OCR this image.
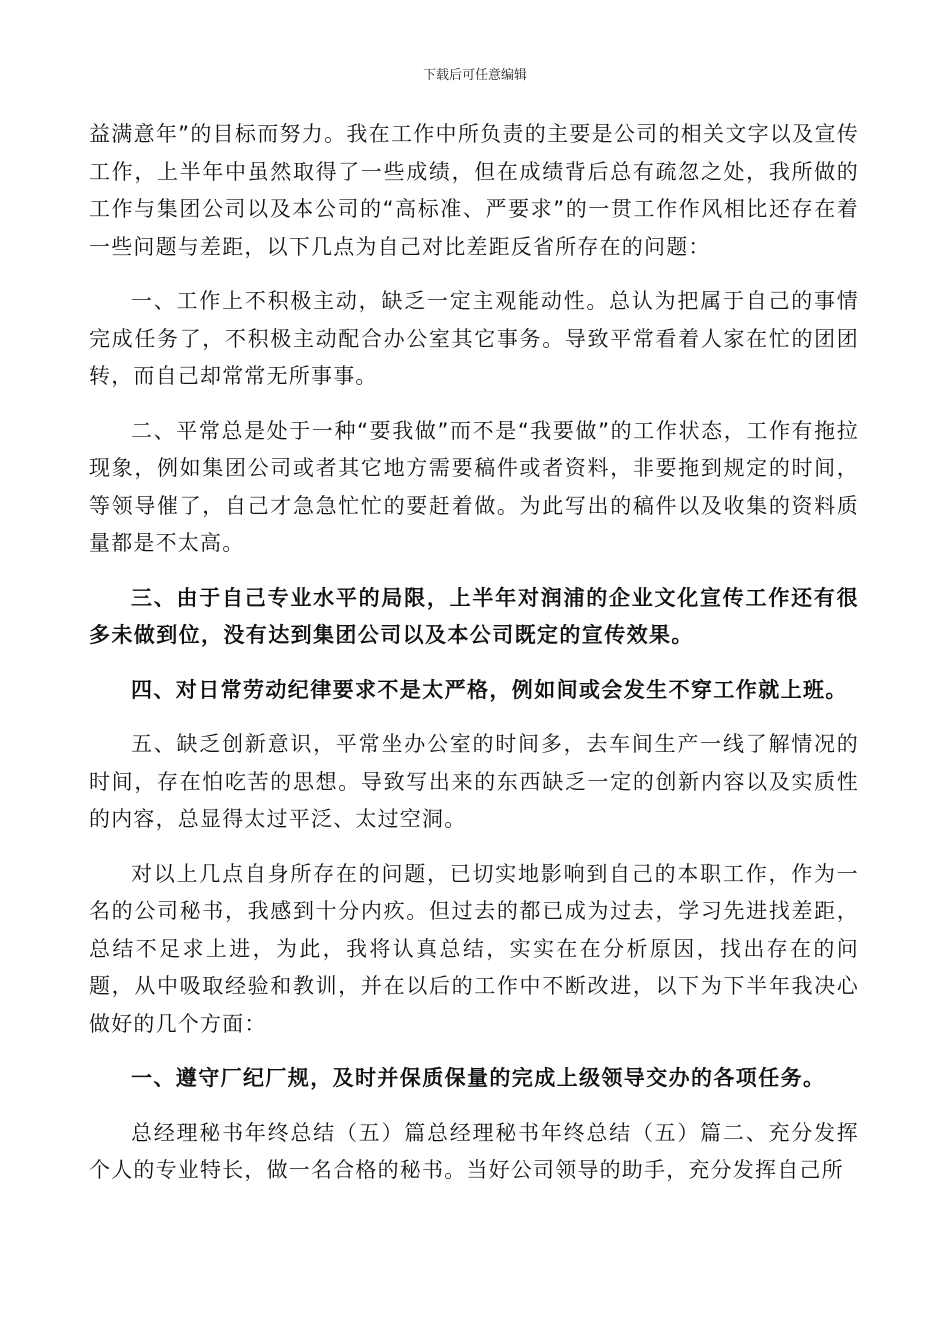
下载后可任意编辑

益满意年”的目标而努力。我在工作中所负责的主要是公司的相关文字以及宣传工作，上半年中虽然取得了一些成绩，但在成绩背后总有疏忽之处，我所做的工作与集团公司以及本公司的“高标准、严要求”的一贯工作作风相比还存在着一些问题与差距，以下几点为自己对比差距反省所存在的问题：

一、工作上不积极主动，缺乏一定主观能动性。总认为把属于自己的事情完成任务了，不积极主动配合办公室其它事务。导致平常看着人家在忙的团团转，而自己却常常无所事事。

二、平常总是处于一种“要我做”而不是“我要做”的工作状态，工作有拖拉现象，例如集团公司或者其它地方需要稿件或者资料，非要拖到规定的时间，等领导催了，自己才急急忙忙的要赶着做。为此写出的稿件以及收集的资料质量都是不太高。

三、由于自己专业水平的局限，上半年对润浦的企业文化宣传工作还有很多未做到位，没有达到集团公司以及本公司既定的宣传效果。

四、对日常劳动纪律要求不是太严格，例如间或会发生不穿工作就上班。

五、缺乏创新意识，平常坐办公室的时间多，去车间生产一线了解情况的时间，存在怕吃苦的思想。导致写出来的东西缺乏一定的创新内容以及实质性的内容，总显得太过平泛、太过空洞。

对以上几点自身所存在的问题，已切实地影响到自己的本职工作，作为一名的公司秘书，我感到十分内疚。但过去的都已成为过去，学习先进找差距，总结不足求上进，为此，我将认真总结，实实在在分析原因，找出存在的问题，从中吸取经验和教训，并在以后的工作中不断改进，以下为下半年我决心做好的几个方面：

一、遵守厂纪厂规，及时并保质保量的完成上级领导交办的各项任务。

总经理秘书年终总结（五）篇总经理秘书年终总结（五）篇二、充分发挥个人的专业特长，做一名合格的秘书。当好公司领导的助手，充分发挥自己所
